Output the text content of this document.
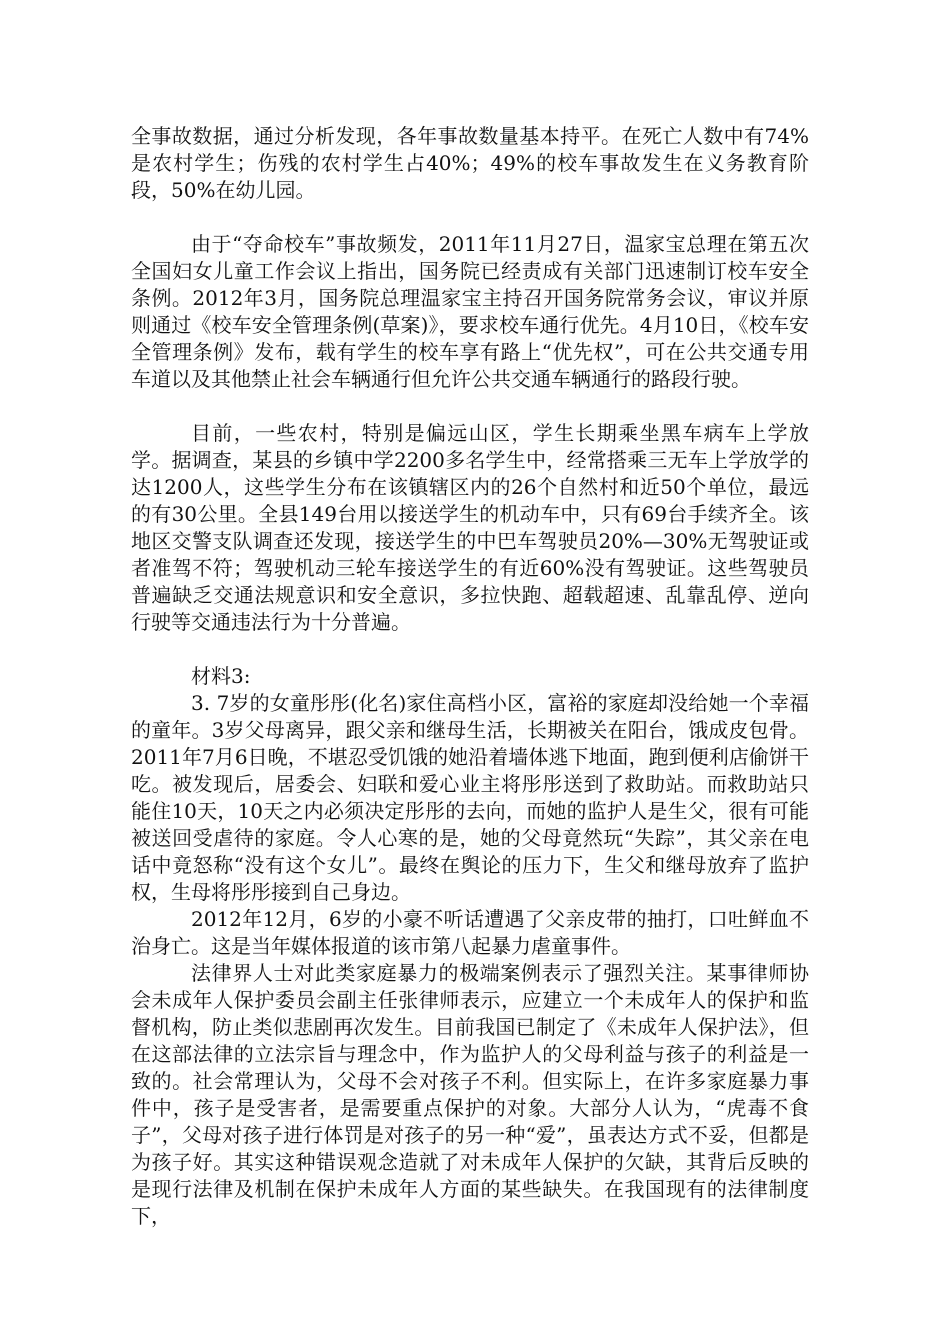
全事故数据，通过分析发现，各年事故数量基本持平。在死亡人数中有74%是农村学生；伤残的农村学生占40%；49%的校车事故发生在义务教育阶段，50%在幼儿园。

由于“夺命校车”事故频发，2011年11月27日，温家宝总理在第五次全国妇女儿童工作会议上指出，国务院已经责成有关部门迅速制订校车安全条例。2012年3月，国务院总理温家宝主持召开国务院常务会议，审议并原则通过《校车安全管理条例(草案)》，要求校车通行优先。4月10日，《校车安全管理条例》发布，载有学生的校车享有路上“优先权”，可在公共交通专用车道以及其他禁止社会车辆通行但允许公共交通车辆通行的路段行驶。

目前，一些农村，特别是偏远山区，学生长期乘坐黑车病车上学放学。据调查，某县的乡镇中学2200多名学生中，经常搭乘三无车上学放学的达1200人，这些学生分布在该镇辖区内的26个自然村和近50个单位，最远的有30公里。全县149台用以接送学生的机动车中，只有69台手续齐全。该地区交警支队调查还发现，接送学生的中巴车驾驶员20%—30%无驾驶证或者准驾不符；驾驶机动三轮车接送学生的有近60%没有驾驶证。这些驾驶员普遍缺乏交通法规意识和安全意识，多拉快跑、超载超速、乱靠乱停、逆向行驶等交通违法行为十分普遍。

材料3:

3. 7岁的女童彤彤(化名)家住高档小区，富裕的家庭却没给她一个幸福的童年。3岁父母离异，跟父亲和继母生活，长期被关在阳台，饿成皮包骨。2011年7月6日晚，不堪忍受饥饿的她沿着墙体逃下地面，跑到便利店偷饼干吃。被发现后，居委会、妇联和爱心业主将彤彤送到了救助站。而救助站只能住10天，10天之内必须决定彤彤的去向，而她的监护人是生父，很有可能被送回受虐待的家庭。令人心寒的是，她的父母竟然玩“失踪”，其父亲在电话中竟怒称“没有这个女儿”。最终在舆论的压力下，生父和继母放弃了监护权，生母将彤彤接到自己身边。

2012年12月，6岁的小豪不听话遭遇了父亲皮带的抽打，口吐鲜血不治身亡。这是当年媒体报道的该市第八起暴力虐童事件。

法律界人士对此类家庭暴力的极端案例表示了强烈关注。某事律师协会未成年人保护委员会副主任张律师表示，应建立一个未成年人的保护和监督机构，防止类似悲剧再次发生。目前我国已制定了《未成年人保护法》，但在这部法律的立法宗旨与理念中，作为监护人的父母利益与孩子的利益是一致的。社会常理认为，父母不会对孩子不利。但实际上，在许多家庭暴力事件中，孩子是受害者，是需要重点保护的对象。大部分人认为，“虎毒不食子”，父母对孩子进行体罚是对孩子的另一种“爱”，虽表达方式不妥，但都是为孩子好。其实这种错误观念造就了对未成年人保护的欠缺，其背后反映的是现行法律及机制在保护未成年人方面的某些缺失。在我国现有的法律制度下，
